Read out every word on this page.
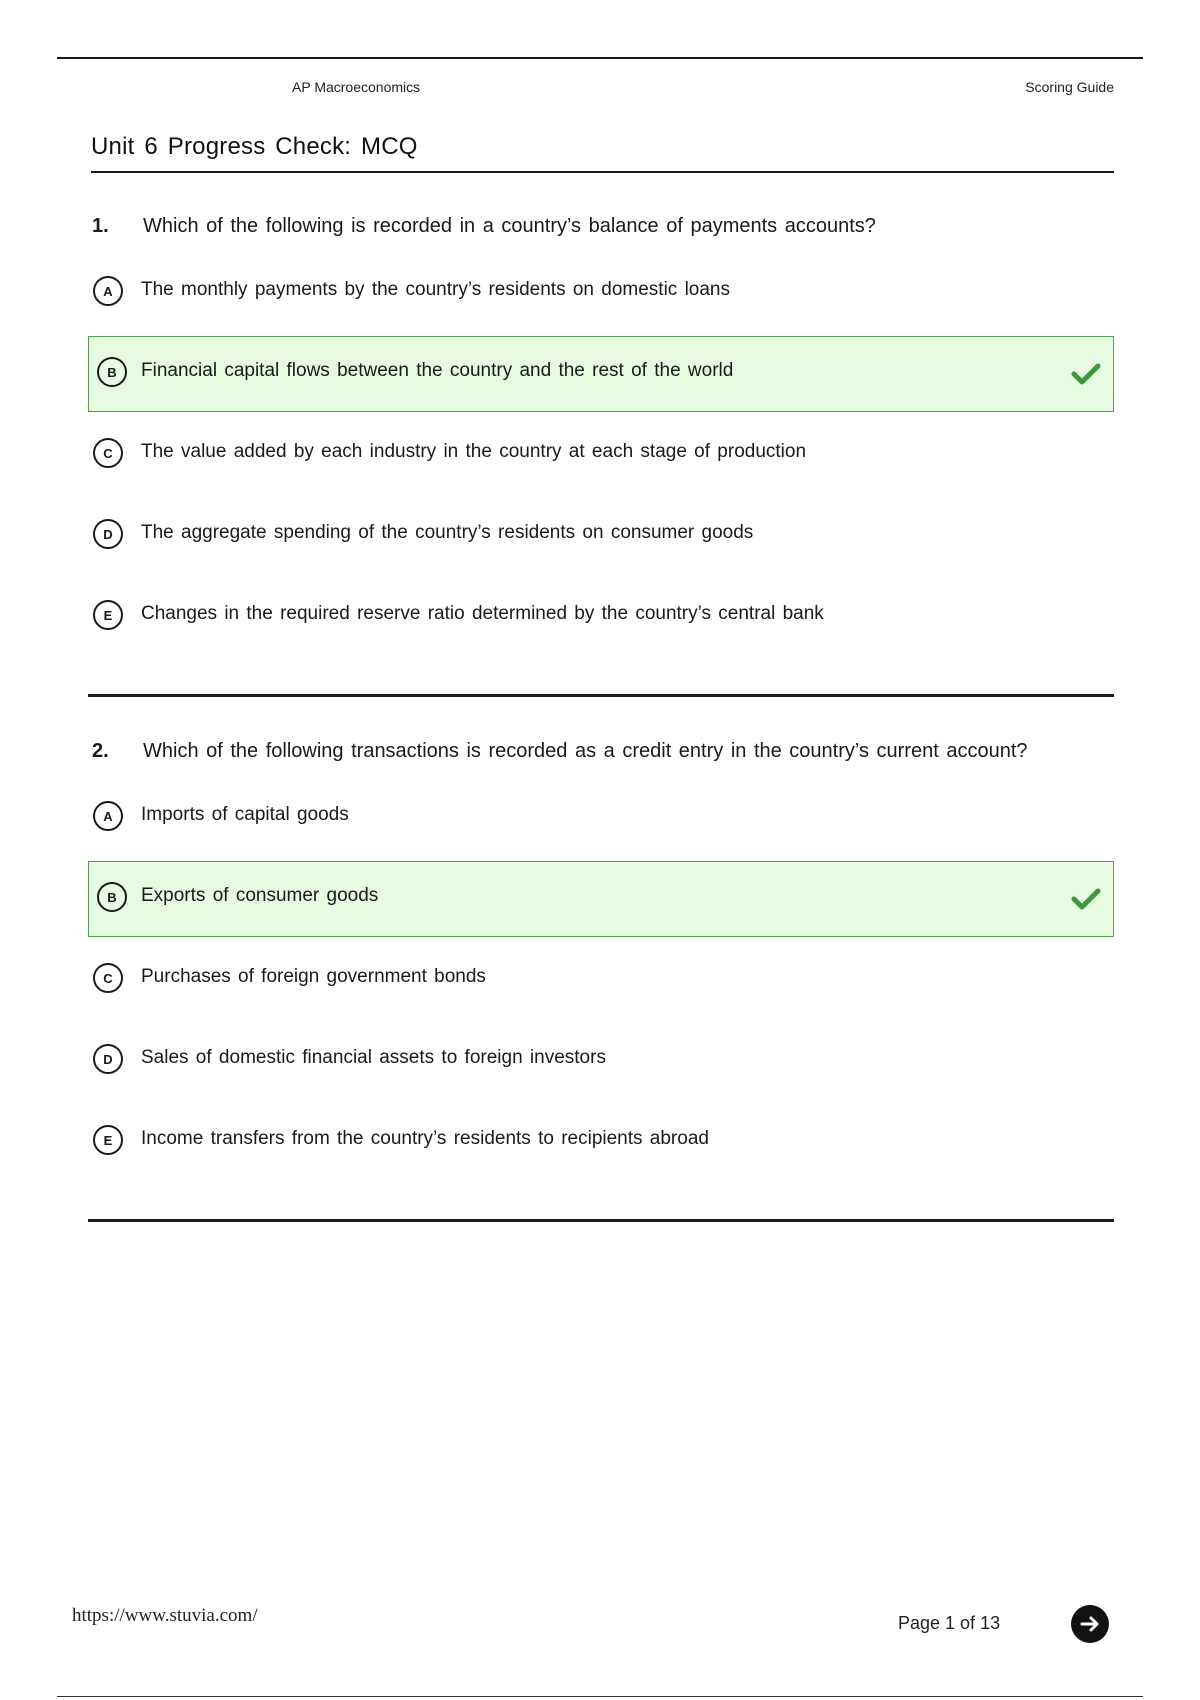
AP Macroeconomics	Scoring Guide
Unit 6 Progress Check: MCQ
1. Which of the following is recorded in a country’s balance of payments accounts?
A	The monthly payments by the country’s residents on domestic loans
B	Financial capital flows between the country and the rest of the world
C	The value added by each industry in the country at each stage of production
D	The aggregate spending of the country’s residents on consumer goods
E	Changes in the required reserve ratio determined by the country’s central bank
2. Which of the following transactions is recorded as a credit entry in the country’s current account?
A	Imports of capital goods
B	Exports of consumer goods
C	Purchases of foreign government bonds
D	Sales of domestic financial assets to foreign investors
E	Income transfers from the country’s residents to recipients abroad
https://www.stuvia.com/	Page 1 of 13
